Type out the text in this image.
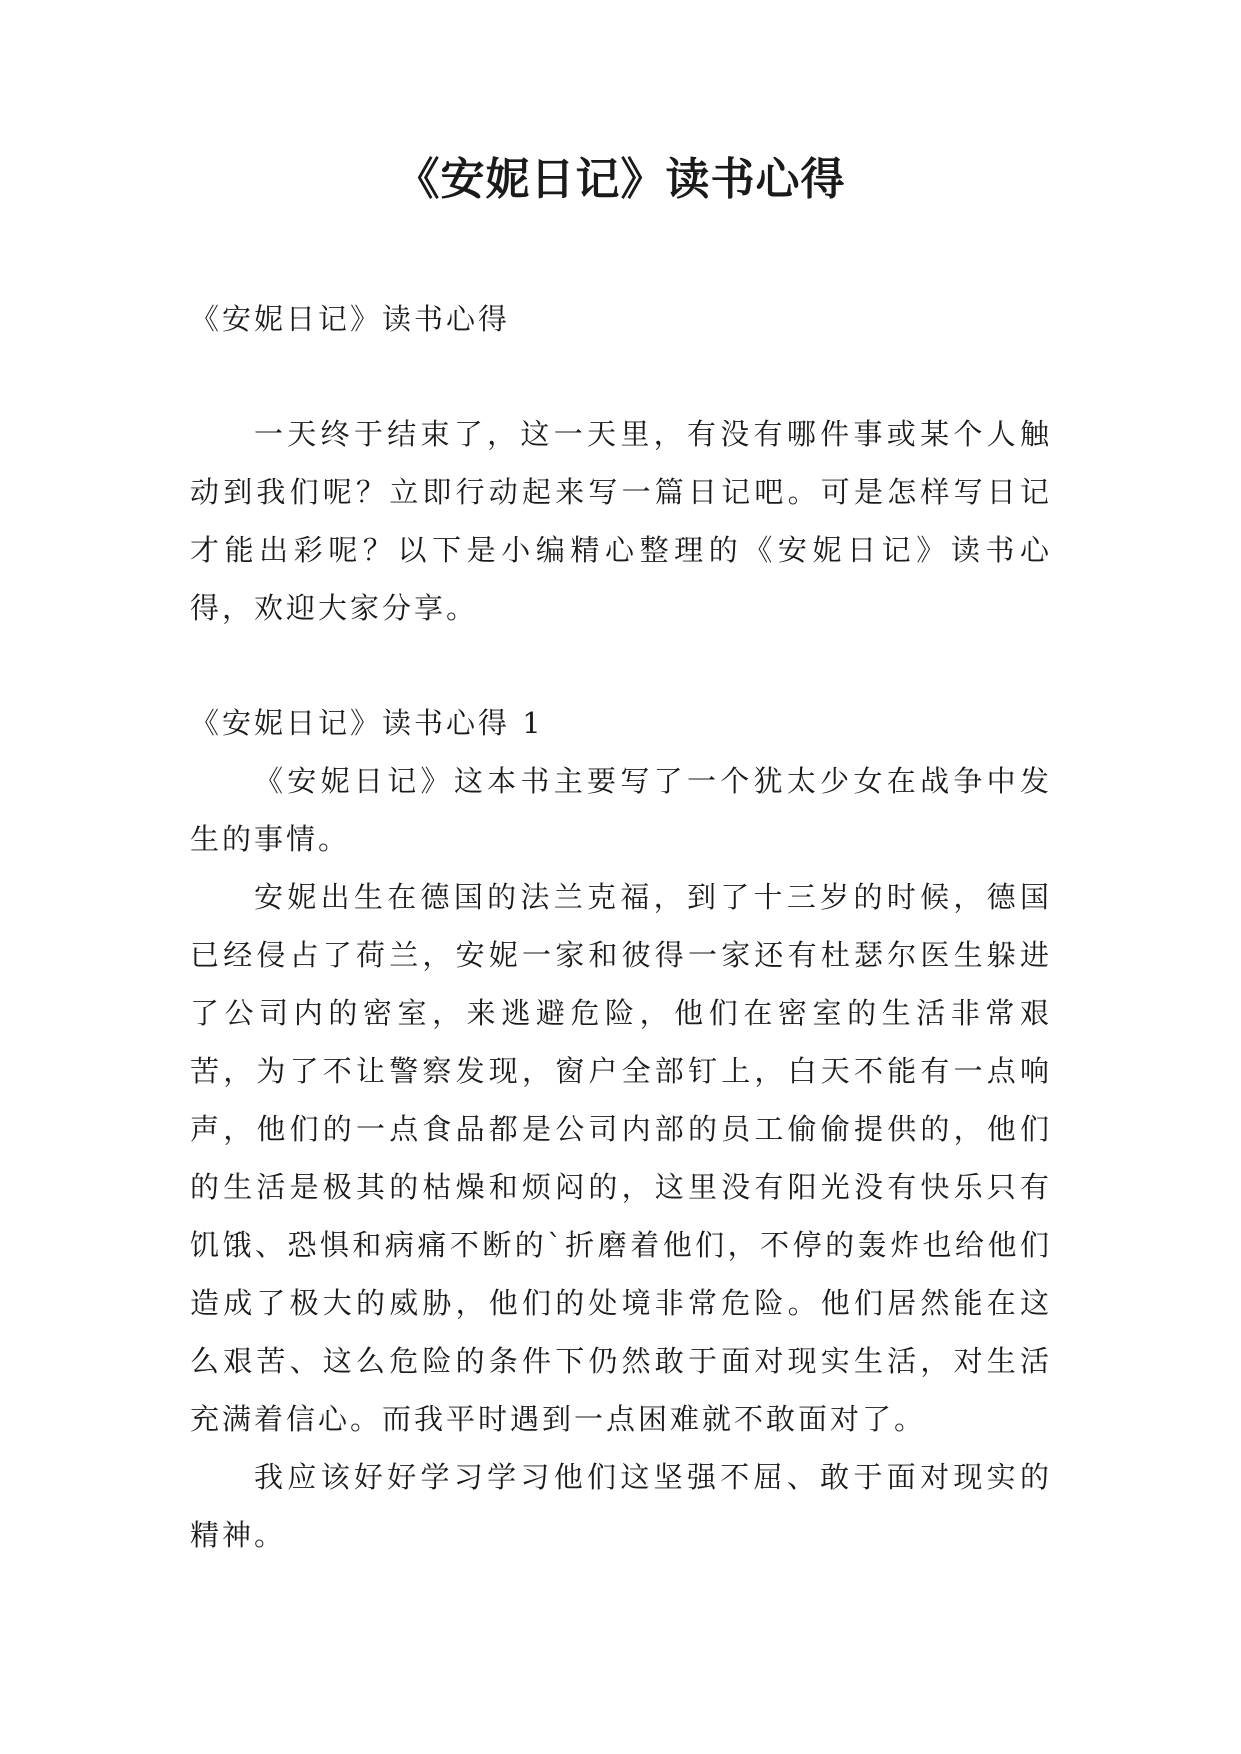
《安妮日记》读书心得

《安妮日记》读书心得

一天终于结束了，这一天里，有没有哪件事或某个人触动到我们呢？立即行动起来写一篇日记吧。可是怎样写日记才能出彩呢？以下是小编精心整理的《安妮日记》读书心得，欢迎大家分享。

《安妮日记》读书心得 1

《安妮日记》这本书主要写了一个犹太少女在战争中发生的事情。

安妮出生在德国的法兰克福，到了十三岁的时候，德国已经侵占了荷兰，安妮一家和彼得一家还有杜瑟尔医生躲进了公司内的密室，来逃避危险，他们在密室的生活非常艰苦，为了不让警察发现，窗户全部钉上，白天不能有一点响声，他们的一点食品都是公司内部的员工偷偷提供的，他们的生活是极其的枯燥和烦闷的，这里没有阳光没有快乐只有饥饿、恐惧和病痛不断的`折磨着他们，不停的轰炸也给他们造成了极大的威胁，他们的处境非常危险。他们居然能在这么艰苦、这么危险的条件下仍然敢于面对现实生活，对生活充满着信心。而我平时遇到一点困难就不敢面对了。

我应该好好学习学习他们这坚强不屈、敢于面对现实的精神。
